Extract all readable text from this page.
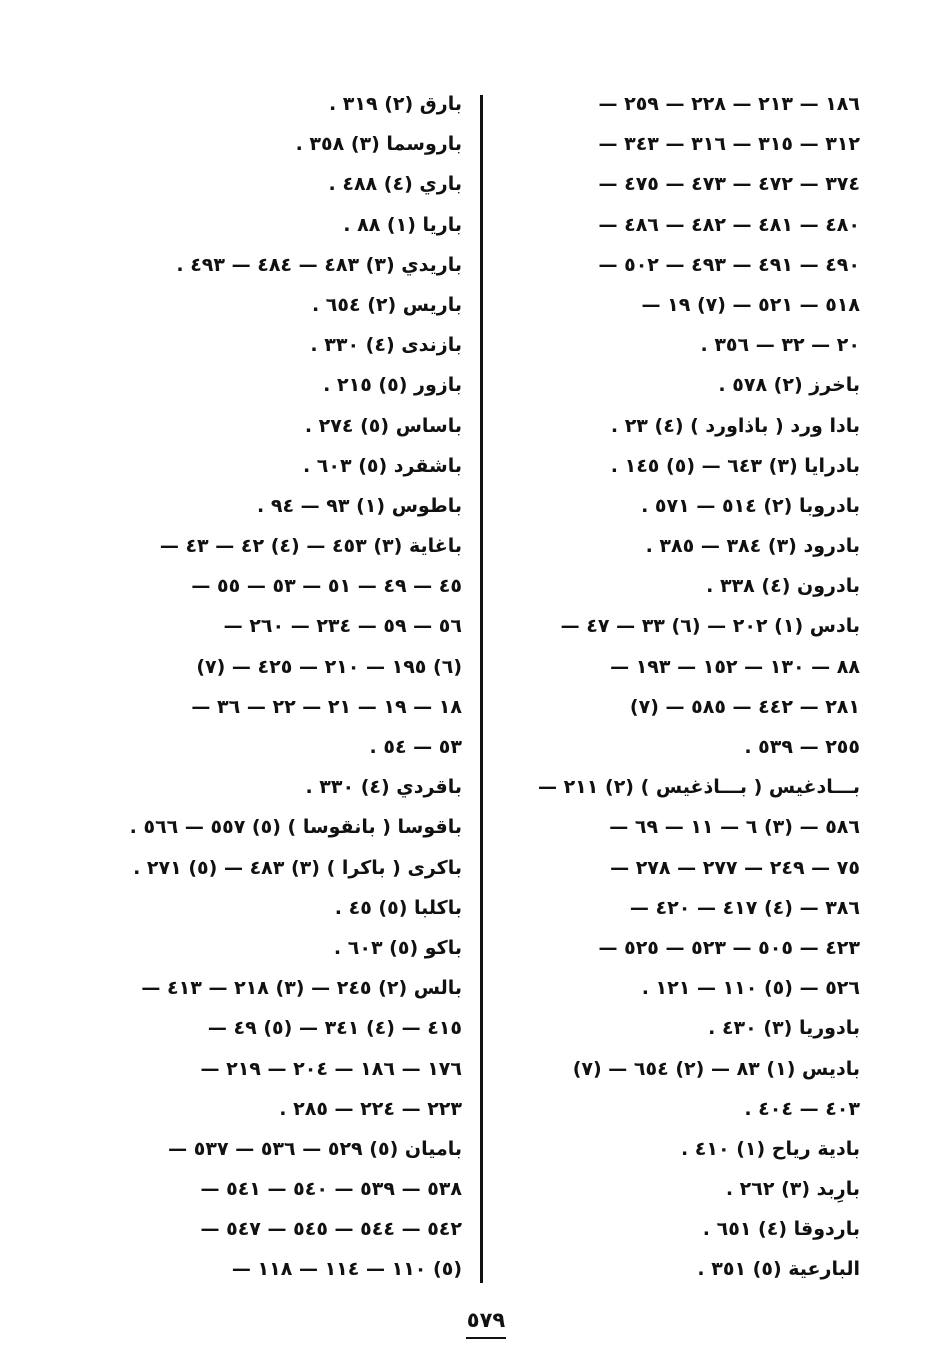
١٨٦ — ٢١٣ — ٢٢٨ — ٢٥٩ —
٣١٢ — ٣١٥ — ٣١٦ — ٣٤٣ —
٣٧٤ — ٤٧٢ — ٤٧٣ — ٤٧٥ —
٤٨٠ — ٤٨١ — ٤٨٢ — ٤٨٦ —
٤٩٠ — ٤٩١ — ٤٩٣ — ٥٠٢ —
٥١٨ — ٥٢١ — (٧) ١٩ —
٢٠ — ٣٢ — ٣٥٦ .
باخرز (٢) ٥٧٨ .
بادا ورد ( باذاورد ) (٤) ٢٣ .
بادرايا (٣) ٦٤٣ — (٥) ١٤٥ .
بادروبا (٢) ٥١٤ — ٥٧١ .
بادرود (٣) ٣٨٤ — ٣٨٥ .
بادرون (٤) ٣٣٨ .
بادس (١) ٢٠٢ — (٦) ٣٣ — ٤٧ —
٨٨ — ١٣٠ — ١٥٢ — ١٩٣ —
٢٨١ — ٤٤٢ — ٥٨٥ — (٧)
٢٥٥ — ٥٣٩ .
بـــادغيس ( بـــاذغيس ) (٢) ٢١١ —
٥٨٦ — (٣) ٦ — ١١ — ٦٩ —
٧٥ — ٢٤٩ — ٢٧٧ — ٢٧٨ —
٣٨٦ — (٤) ٤١٧ — ٤٢٠ —
٤٢٣ — ٥٠٥ — ٥٢٣ — ٥٢٥ —
٥٢٦ — (٥) ١١٠ — ١٢١ .
بادوريا (٣) ٤٣٠ .
باديس (١) ٨٣ — (٢) ٦٥٤ — (٧)
٤٠٣ — ٤٠٤ .
بادية رياح (١) ٤١٠ .
بارِبد (٣) ٢٦٢ .
باردوقا (٤) ٦٥١ .
البارعية (٥) ٣٥١ .
بارق (٢) ٣١٩ .
باروسما (٣) ٣٥٨ .
باري (٤) ٤٨٨ .
باريا (١) ٨٨ .
باريدي (٣) ٤٨٣ — ٤٨٤ — ٤٩٣ .
باريس (٢) ٦٥٤ .
بازندى (٤) ٣٣٠ .
بازور (٥) ٢١٥ .
باساس (٥) ٢٧٤ .
باشقرد (٥) ٦٠٣ .
باطوس (١) ٩٣ — ٩٤ .
باغاية (٣) ٤٥٣ — (٤) ٤٢ — ٤٣ —
٤٥ — ٤٩ — ٥١ — ٥٣ — ٥٥ —
٥٦ — ٥٩ — ٢٣٤ — ٢٦٠ —
(٦) ١٩٥ — ٢١٠ — ٤٢٥ — (٧)
١٨ — ١٩ — ٢١ — ٢٢ — ٣٦ —
٥٣ — ٥٤ .
باقردي (٤) ٣٣٠ .
باقوسا ( بانقوسا ) (٥) ٥٥٧ — ٥٦٦ .
باكرى ( باكرا ) (٣) ٤٨٣ — (٥) ٢٧١ .
باكلبا (٥) ٤٥ .
باكو (٥) ٦٠٣ .
بالس (٢) ٢٤٥ — (٣) ٢١٨ — ٤١٣ —
٤١٥ — (٤) ٣٤١ — (٥) ٤٩ —
١٧٦ — ١٨٦ — ٢٠٤ — ٢١٩ —
٢٢٣ — ٢٢٤ — ٢٨٥ .
باميان (٥) ٥٢٩ — ٥٣٦ — ٥٣٧ —
٥٣٨ — ٥٣٩ — ٥٤٠ — ٥٤١ —
٥٤٢ — ٥٤٤ — ٥٤٥ — ٥٤٧ —
(٥) ١١٠ — ١١٤ — ١١٨ —
٥٧٩
